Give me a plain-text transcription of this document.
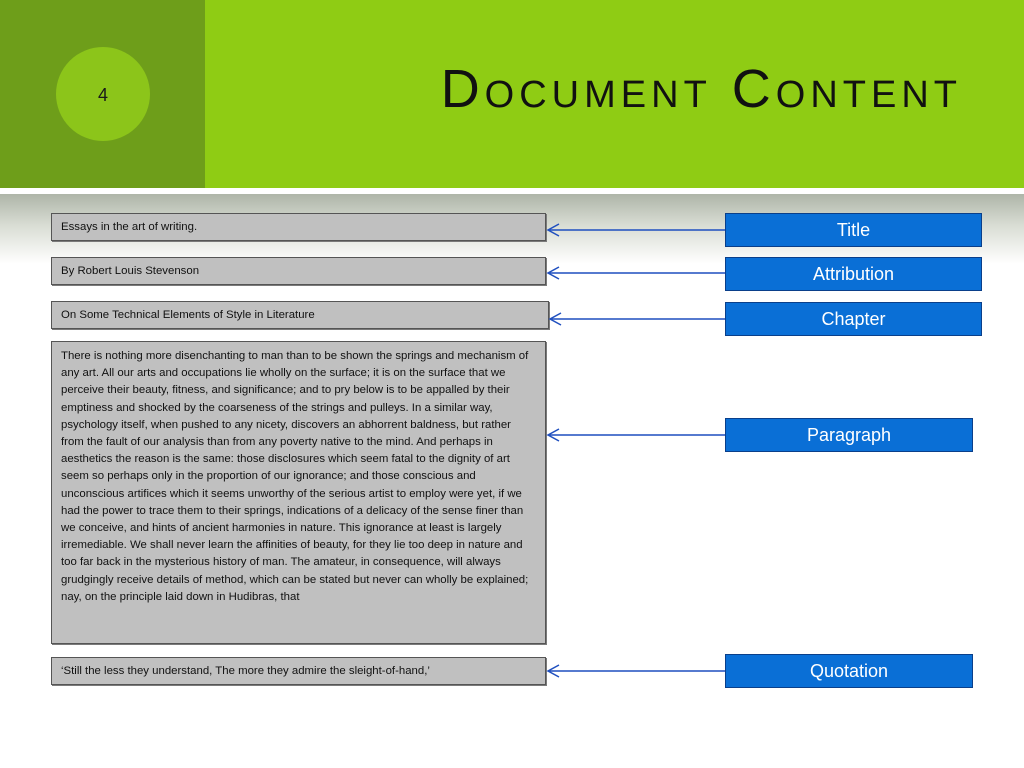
4	Document Content
Essays in the art of writing.
By Robert Louis Stevenson
On Some Technical Elements of Style in Literature
There is nothing more disenchanting to man than to be shown the springs and mechanism of any art. All our arts and occupations lie wholly on the surface; it is on the surface that we perceive their beauty, fitness, and significance; and to pry below is to be appalled by their emptiness and shocked by the coarseness of the strings and pulleys. In a similar way, psychology itself, when pushed to any nicety, discovers an abhorrent baldness, but rather from the fault of our analysis than from any poverty native to the mind. And perhaps in aesthetics the reason is the same: those disclosures which seem fatal to the dignity of art seem so perhaps only in the proportion of our ignorance; and those conscious and unconscious artifices which it seems unworthy of the serious artist to employ were yet, if we had the power to trace them to their springs, indications of a delicacy of the sense finer than we conceive, and hints of ancient harmonies in nature. This ignorance at least is largely irremediable. We shall never learn the affinities of beauty, for they lie too deep in nature and too far back in the mysterious history of man. The amateur, in consequence, will always grudgingly receive details of method, which can be stated but never can wholly be explained; nay, on the principle laid down in Hudibras, that
‘Still the less they understand, The more they admire the sleight-of-hand,’
Title
Attribution
Chapter
Paragraph
Quotation
